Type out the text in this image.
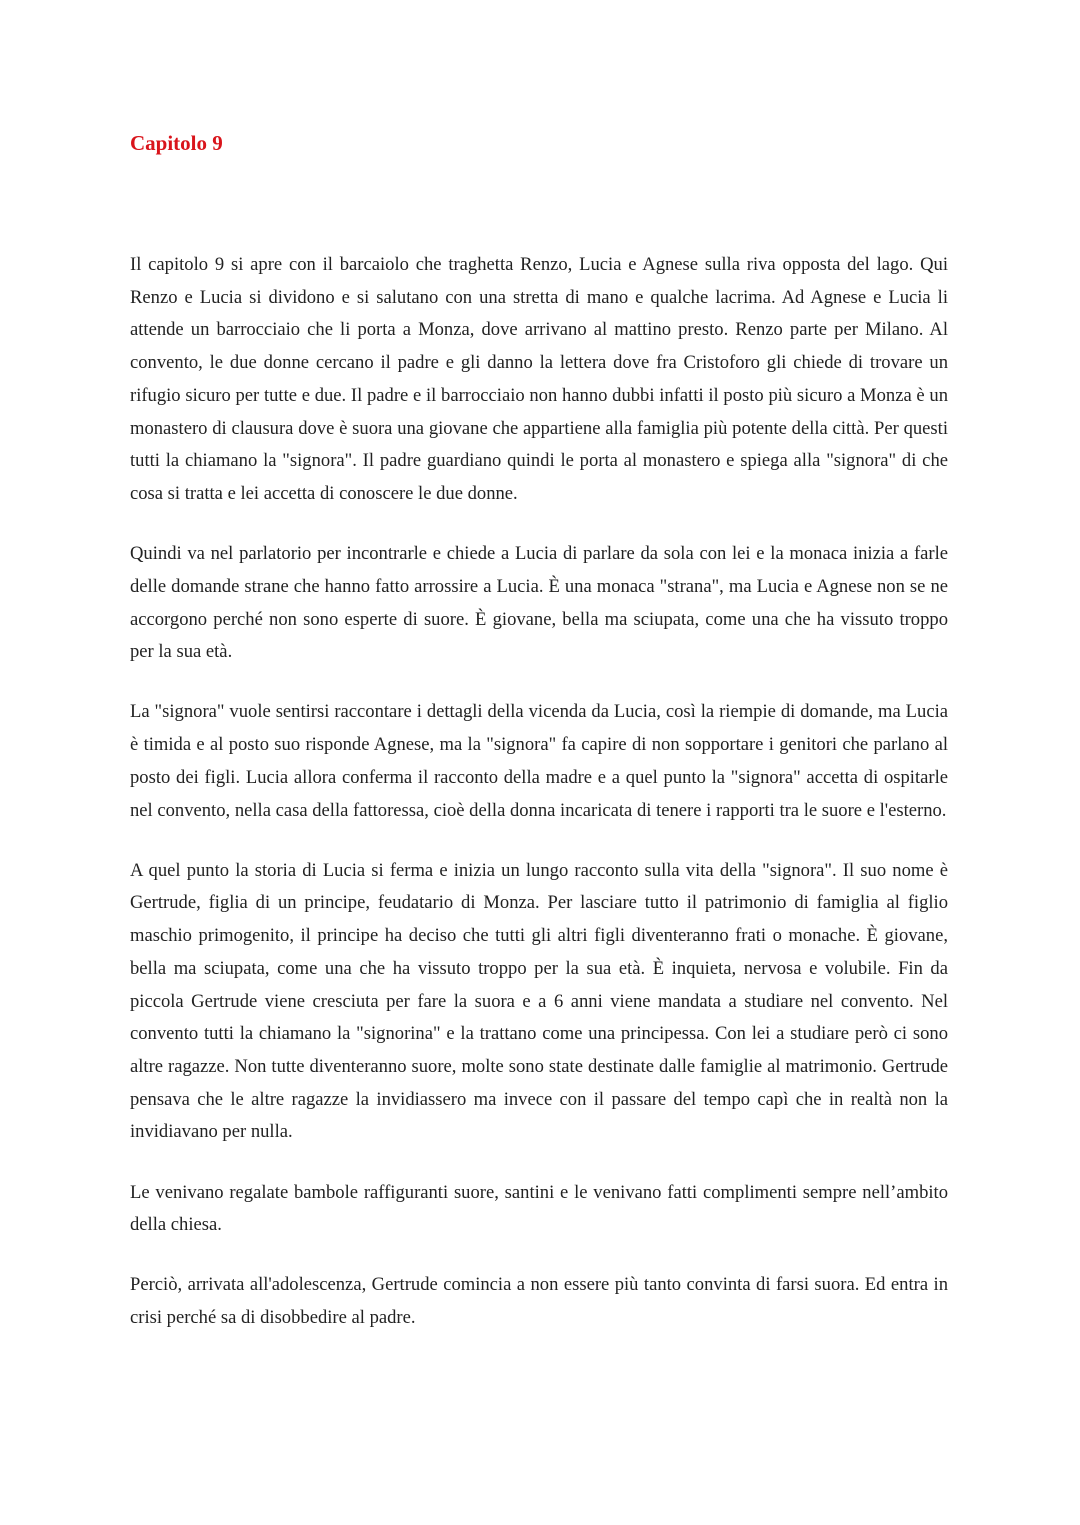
Capitolo 9

Il capitolo 9 si apre con il barcaiolo che traghetta Renzo, Lucia e Agnese sulla riva opposta del lago. Qui Renzo e Lucia si dividono e si salutano con una stretta di mano e qualche lacrima. Ad Agnese e Lucia li attende un barrocciaio che li porta a Monza, dove arrivano al mattino presto. Renzo parte per Milano. Al convento, le due donne cercano il padre e gli danno la lettera dove fra Cristoforo gli chiede di trovare un rifugio sicuro per tutte e due. Il padre e il barrocciaio non hanno dubbi infatti il posto più sicuro a Monza è un monastero di clausura dove è suora una giovane che appartiene alla famiglia più potente della città. Per questi tutti la chiamano la "signora". Il padre guardiano quindi le porta al monastero e spiega alla "signora" di che cosa si tratta e lei accetta di conoscere le due donne.

Quindi va nel parlatorio per incontrarle e chiede a Lucia di parlare da sola con lei e la monaca inizia a farle delle domande strane che hanno fatto arrossire a Lucia. È una monaca "strana", ma Lucia e Agnese non se ne accorgono perché non sono esperte di suore. È giovane, bella ma sciupata, come una che ha vissuto troppo per la sua età.

La "signora" vuole sentirsi raccontare i dettagli della vicenda da Lucia, così la riempie di domande, ma Lucia è timida e al posto suo risponde Agnese, ma la "signora" fa capire di non sopportare i genitori che parlano al posto dei figli. Lucia allora conferma il racconto della madre e a quel punto la "signora" accetta di ospitarle nel convento, nella casa della fattoressa, cioè della donna incaricata di tenere i rapporti tra le suore e l'esterno.

A quel punto la storia di Lucia si ferma e inizia un lungo racconto sulla vita della "signora". Il suo nome è Gertrude, figlia di un principe, feudatario di Monza. Per lasciare tutto il patrimonio di famiglia al figlio maschio primogenito, il principe ha deciso che tutti gli altri figli diventeranno frati o monache. È giovane, bella ma sciupata, come una che ha vissuto troppo per la sua età. È inquieta, nervosa e volubile. Fin da piccola Gertrude viene cresciuta per fare la suora e a 6 anni viene mandata a studiare nel convento. Nel convento tutti la chiamano la "signorina" e la trattano come una principessa. Con lei a studiare però ci sono altre ragazze. Non tutte diventeranno suore, molte sono state destinate dalle famiglie al matrimonio. Gertrude pensava che le altre ragazze la invidiassero ma invece con il passare del tempo capì che in realtà non la invidiavano per nulla.

Le venivano regalate bambole raffiguranti suore, santini e le venivano fatti complimenti sempre nell’ambito della chiesa.

Perciò, arrivata all'adolescenza, Gertrude comincia a non essere più tanto convinta di farsi suora. Ed entra in crisi perché sa di disobbedire al padre.
